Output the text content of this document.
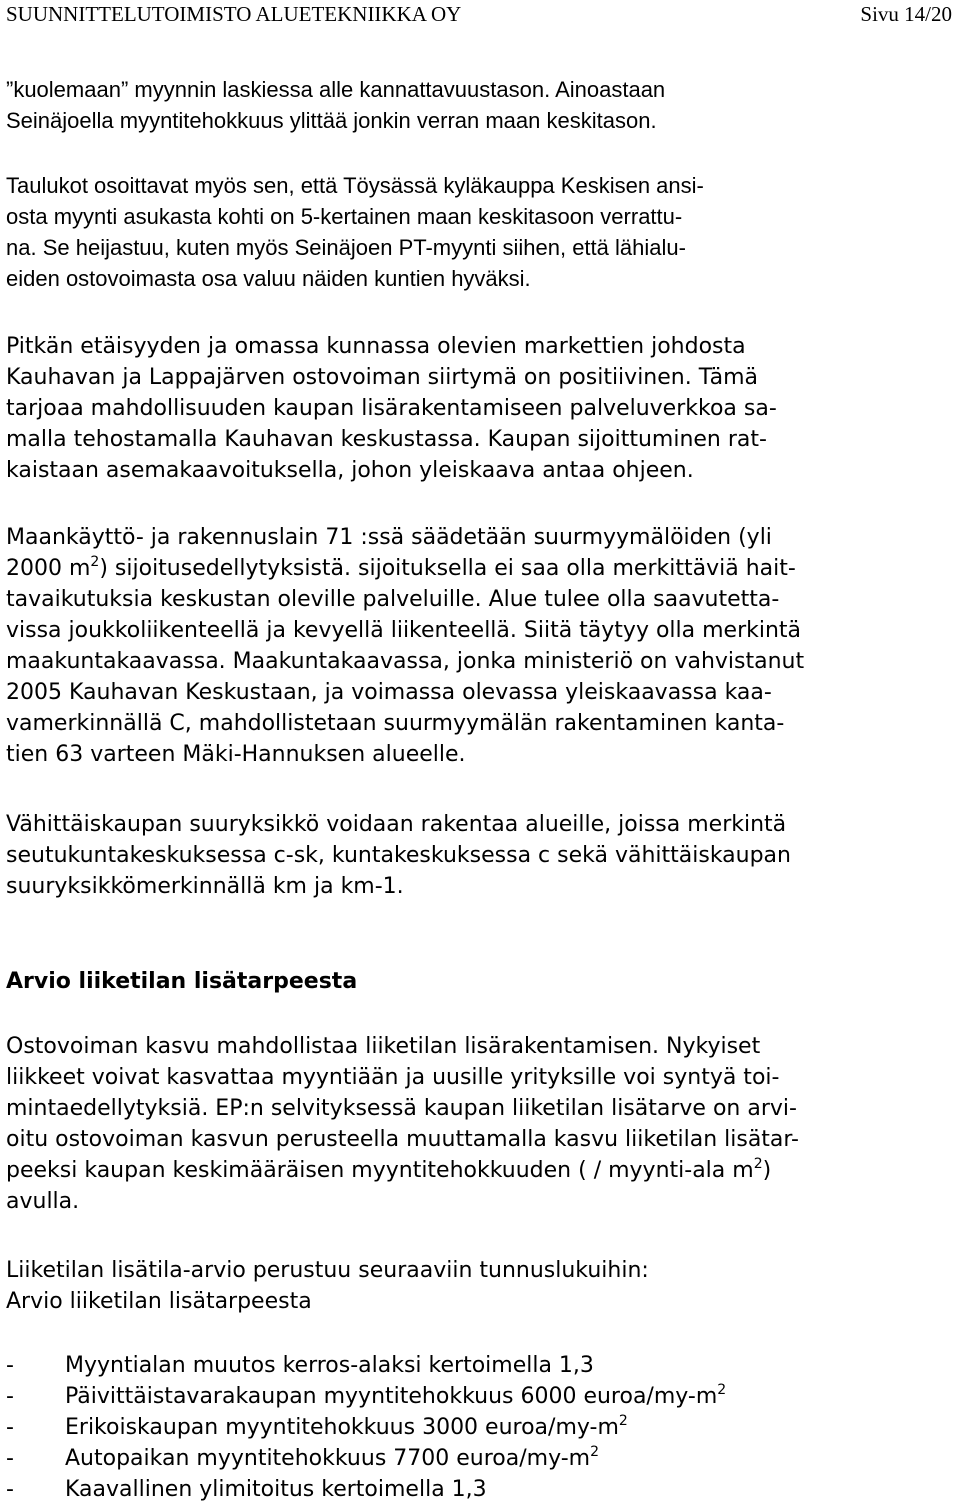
SUUNNITTELUTOIMISTO ALUETEKNIIKKA OY	Sivu 14/20

”kuolemaan” myynnin laskiessa alle kannattavuustason. Ainoastaan
Seinäjoella myyntitehokkuus ylittää jonkin verran maan keskitason.

Taulukot osoittavat myös sen, että Töysässä kyläkauppa Keskisen ansi-
osta myynti asukasta kohti on 5-kertainen maan keskitasoon verrattu-
na. Se heijastuu, kuten myös Seinäjoen PT-myynti siihen, että lähialu-
eiden ostovoimasta osa valuu näiden kuntien hyväksi.

Pitkän etäisyyden ja omassa kunnassa olevien markettien johdosta
Kauhavan ja Lappajärven ostovoiman siirtymä on positiivinen. Tämä
tarjoaa mahdollisuuden kaupan lisärakentamiseen palveluverkkoa sa-
malla tehostamalla Kauhavan keskustassa. Kaupan sijoittuminen rat-
kaistaan asemakaavoituksella, johon yleiskaava antaa ohjeen.

Maankäyttö- ja rakennuslain 71 :ssä säädetään suurmyymälöiden (yli
2000 $m^2$) sijoitusedellytyksistä. sijoituksella ei saa olla merkittäviä hait-
tavaikutuksia keskustan oleville palveluille. Alue tulee olla saavutetta-
vissa joukkoliikenteellä ja kevyellä liikenteellä. Siitä täytyy olla merkintä
maakuntakaavassa. Maakuntakaavassa, jonka ministeriö on vahvistanut
2005 Kauhavan Keskustaan, ja voimassa olevassa yleiskaavassa kaa-
vamerkinnällä C, mahdollistetaan suurmyymälän rakentaminen kanta-
tien 63 varteen Mäki-Hannuksen alueelle.

Vähittäiskaupan suuryksikkö voidaan rakentaa alueille, joissa merkintä
seutukuntakeskuksessa c-sk, kuntakeskuksessa c sekä vähittäiskaupan
suuryksikkömerkinnällä km ja km-1.

Arvio liiketilan lisätarpeesta

Ostovoiman kasvu mahdollistaa liiketilan lisärakentamisen. Nykyiset
liikkeet voivat kasvattaa myyntiään ja uusille yrityksille voi syntyä toi-
mintaedellytyksiä. EP:n selvityksessä kaupan liiketilan lisätarve on arvi-
oitu ostovoiman kasvun perusteella muuttamalla kasvu liiketilan lisätar-
peeksi kaupan keskimääräisen myyntitehokkuuden ( / myynti-ala $m^2$)
avulla.

Liiketilan lisätila-arvio perustuu seuraaviin tunnuslukuihin:
Arvio liiketilan lisätarpeesta

- Myyntialan muutos kerros-alaksi kertoimella 1,3
- Päivittäistavarakaupan myyntitehokkuus 6000 euroa/$my-m^2$
- Erikoiskaupan myyntitehokkuus 3000 euroa/$my-m^2$
- Autopaikan myyntitehokkuus 7700 euroa/$my-m^2$
- Kaavallinen ylimitoitus kertoimella 1,3
